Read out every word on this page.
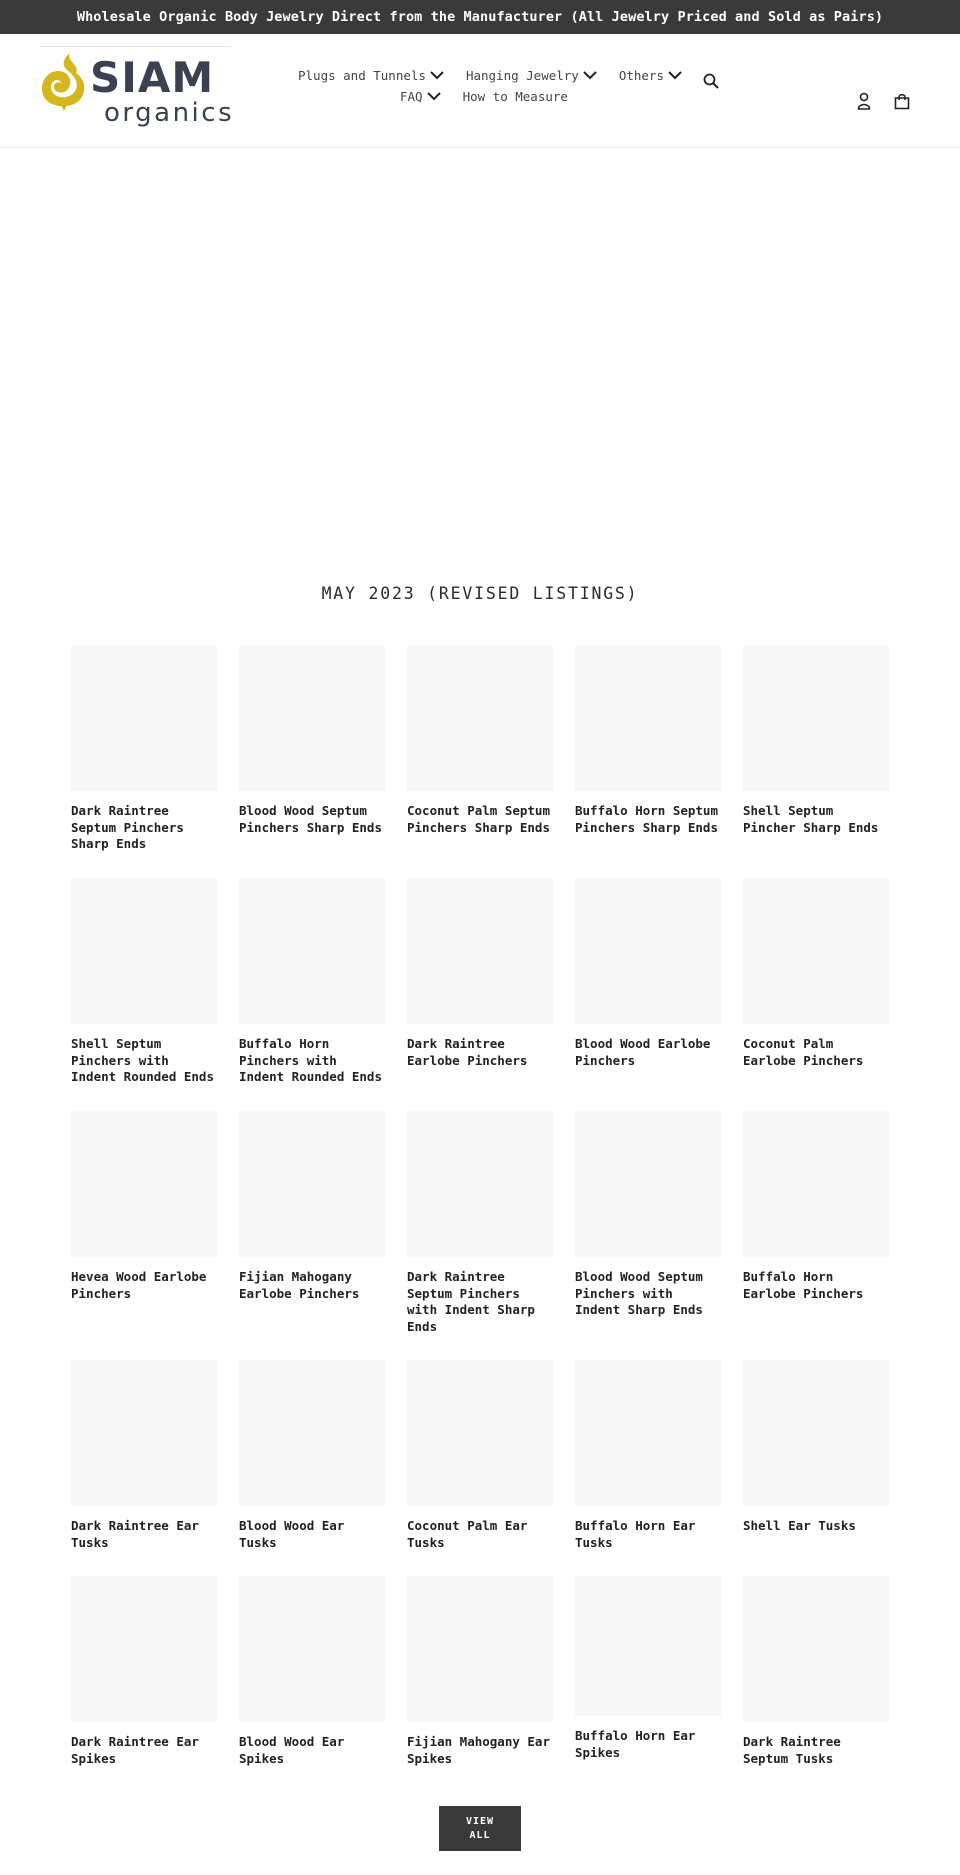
Wholesale Organic Body Jewelry Direct from the Manufacturer (All Jewelry Priced and Sold as Pairs)
SIAM
organics
Plugs and Tunnels	Hanging Jewelry	Others
FAQ	How to Measure
MAY 2023 (REVISED LISTINGS)
Dark Raintree Septum Pinchers Sharp Ends
Blood Wood Septum Pinchers Sharp Ends
Coconut Palm Septum Pinchers Sharp Ends
Buffalo Horn Septum Pinchers Sharp Ends
Shell Septum Pincher Sharp Ends
Shell Septum Pinchers with Indent Rounded Ends
Buffalo Horn Pinchers with Indent Rounded Ends
Dark Raintree Earlobe Pinchers
Blood Wood Earlobe Pinchers
Coconut Palm Earlobe Pinchers
Hevea Wood Earlobe Pinchers
Fijian Mahogany Earlobe Pinchers
Dark Raintree Septum Pinchers with Indent Sharp Ends
Blood Wood Septum Pinchers with Indent Sharp Ends
Buffalo Horn Earlobe Pinchers
Dark Raintree Ear Tusks
Blood Wood Ear Tusks
Coconut Palm Ear Tusks
Buffalo Horn Ear Tusks
Shell Ear Tusks
Dark Raintree Ear Spikes
Blood Wood Ear Spikes
Fijian Mahogany Ear Spikes
Buffalo Horn Ear Spikes
Dark Raintree Septum Tusks
VIEW ALL
